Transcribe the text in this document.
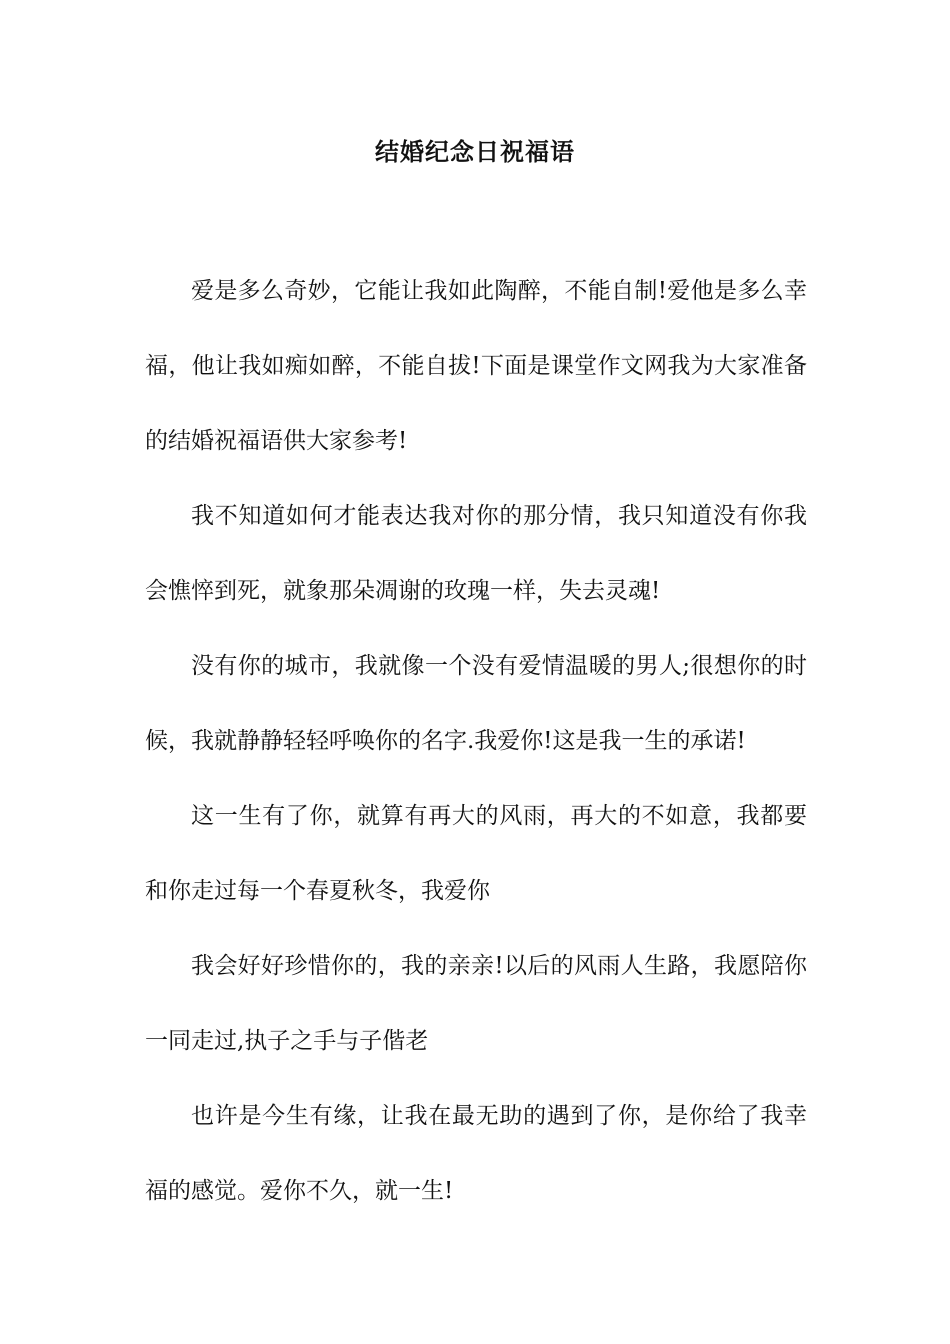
结婚纪念日祝福语

爱是多么奇妙，它能让我如此陶醉，不能自制!爱他是多么幸福，他让我如痴如醉，不能自拔!下面是课堂作文网我为大家准备的结婚祝福语供大家参考!

我不知道如何才能表达我对你的那分情，我只知道没有你我会憔悴到死，就象那朵凋谢的玫瑰一样，失去灵魂!

没有你的城市，我就像一个没有爱情温暖的男人;很想你的时候，我就静静轻轻呼唤你的名字.我爱你!这是我一生的承诺!

这一生有了你，就算有再大的风雨，再大的不如意，我都要和你走过每一个春夏秋冬，我爱你

我会好好珍惜你的，我的亲亲!以后的风雨人生路，我愿陪你一同走过,执子之手与子偕老

也许是今生有缘，让我在最无助的遇到了你，是你给了我幸福的感觉。爱你不久，就一生!
